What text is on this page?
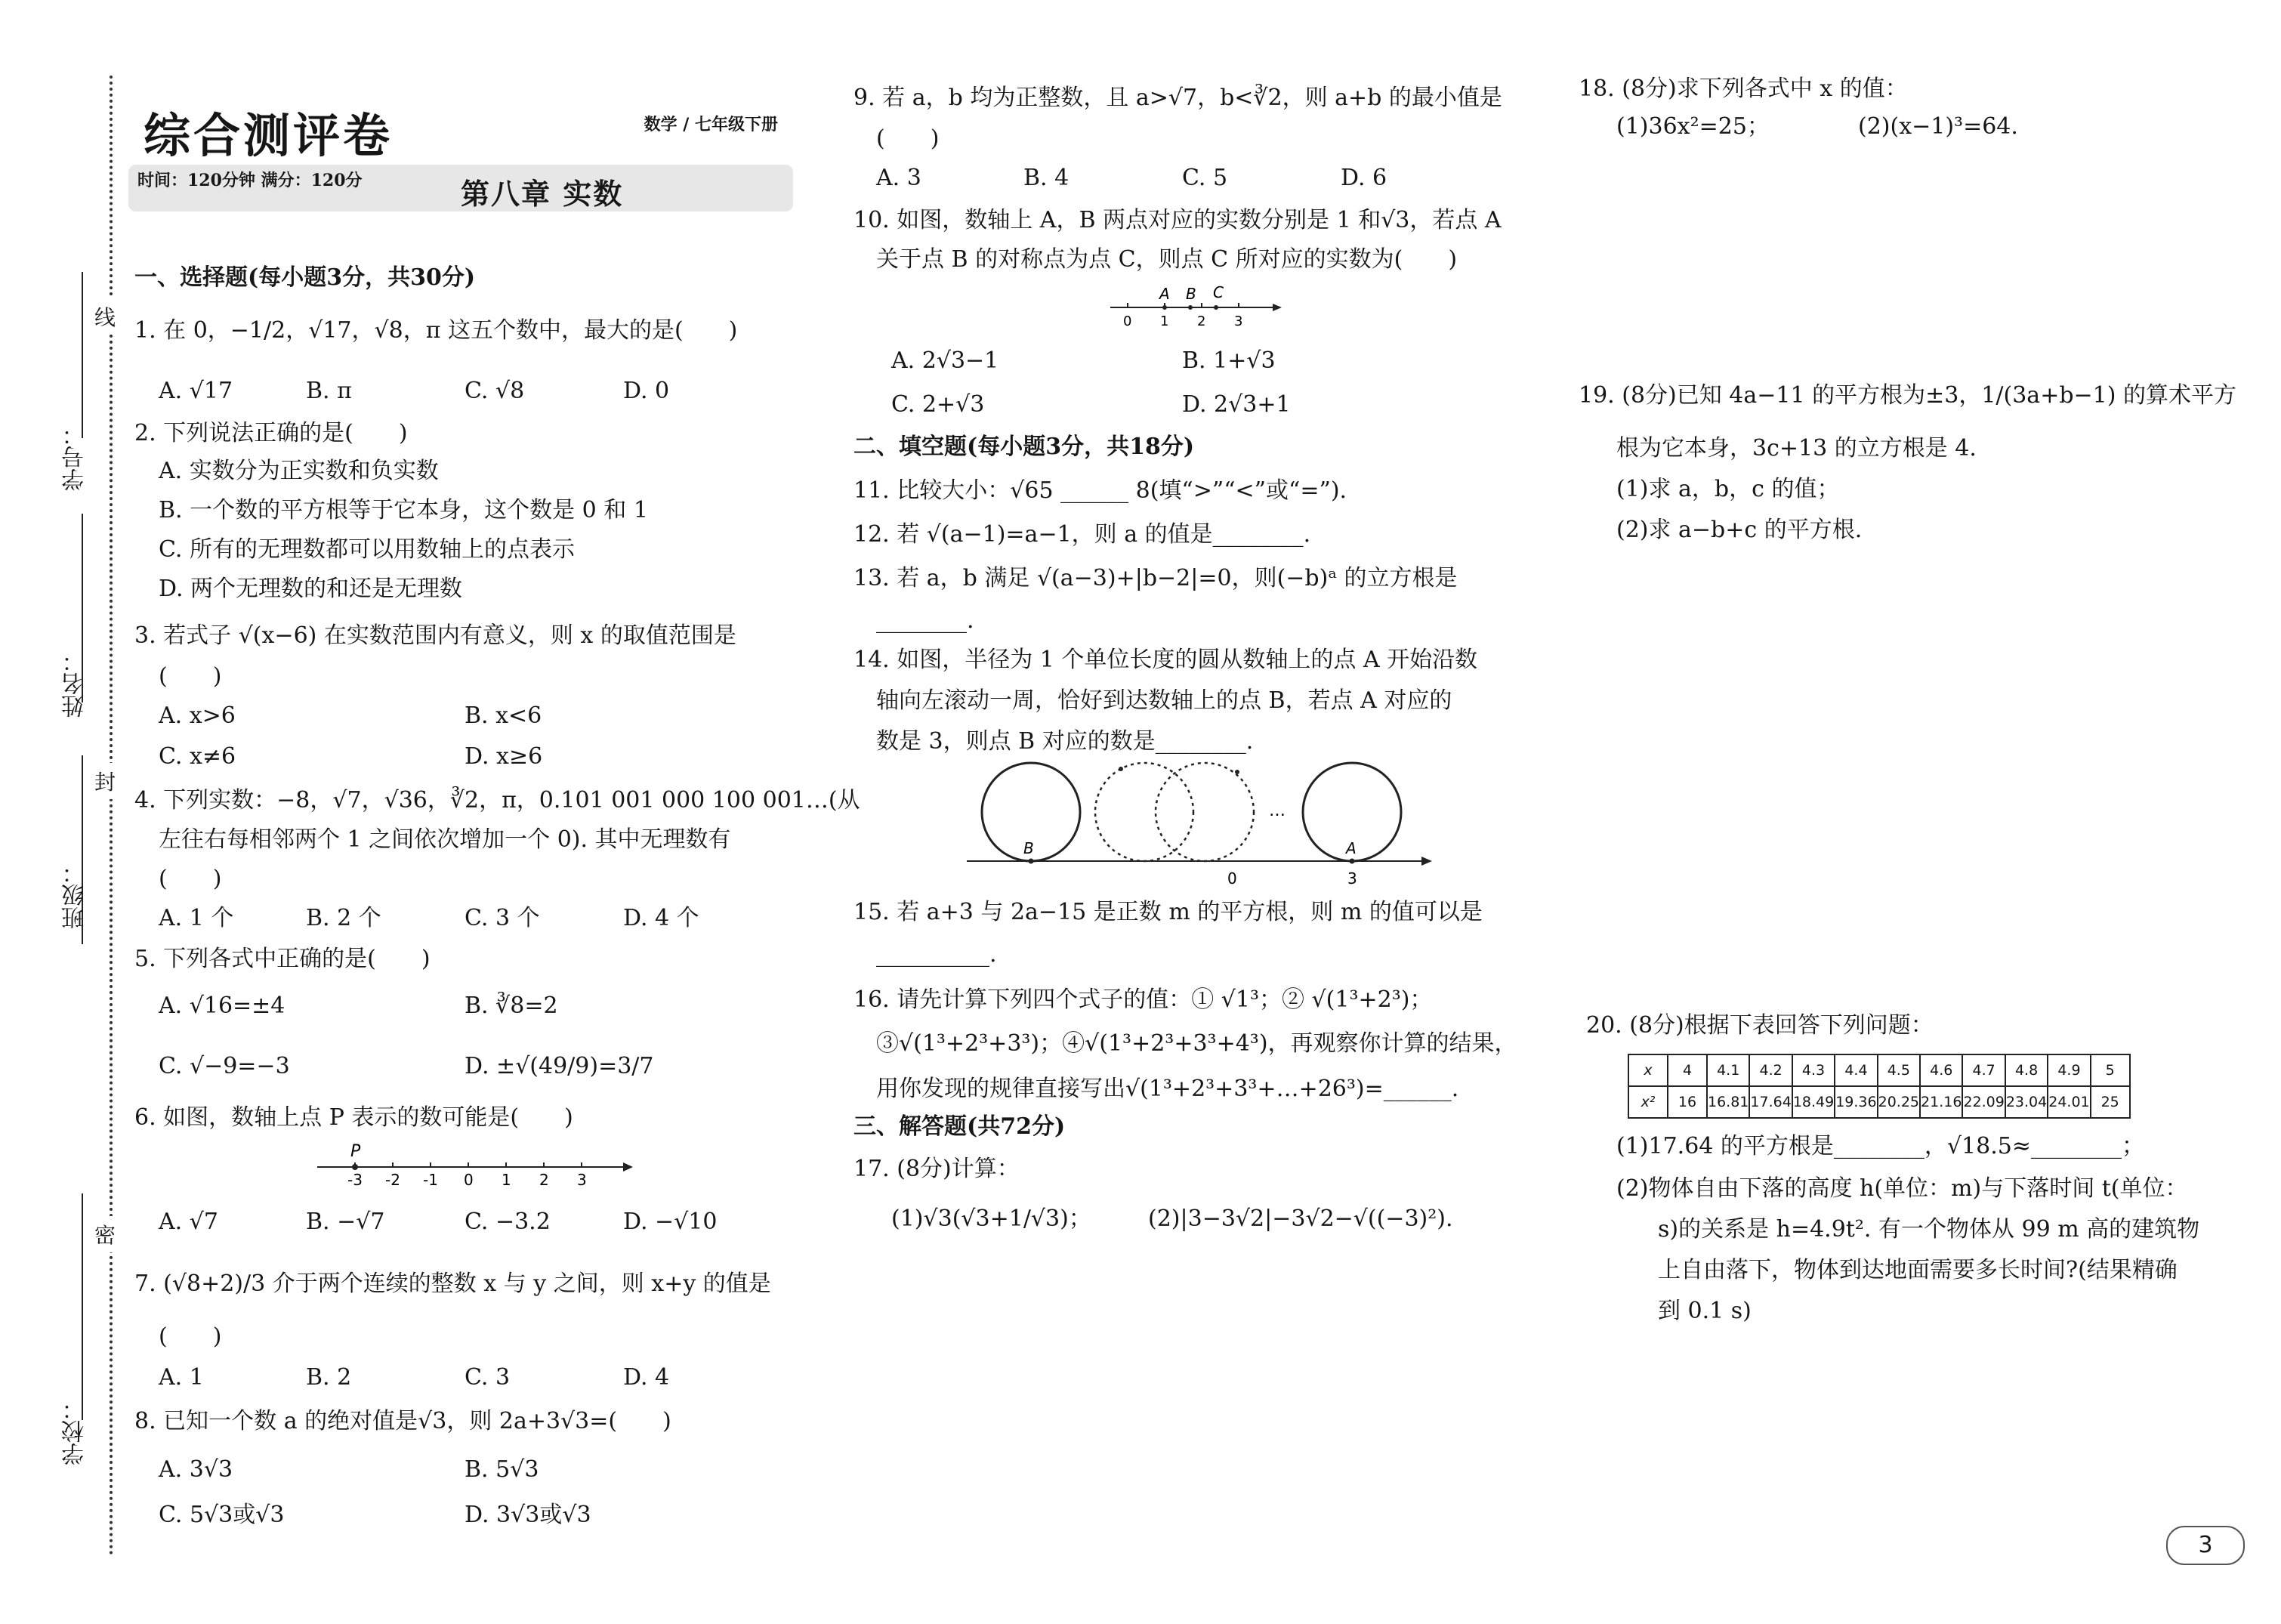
线
封
密
学号：
姓名：
班级：
学校：
综合测评卷	数学 / 七年级下册
时间：120分钟 满分：120分	第八章 实数
一、选择题(每小题3分，共30分)
1. 在 0，−1/2，√17，√8，π 这五个数中，最大的是(　　)
A. √17	B. π	C. √8	D. 0
2. 下列说法正确的是(　　)
A. 实数分为正实数和负实数
B. 一个数的平方根等于它本身，这个数是 0 和 1
C. 所有的无理数都可以用数轴上的点表示
D. 两个无理数的和还是无理数
3. 若式子 √(x−6) 在实数范围内有意义，则 x 的取值范围是
(　　)
A. x>6	B. x<6
C. x≠6	D. x≥6
4. 下列实数：−8，√7，√36，∛2，π，0.101 001 000 100 001…(从
左往右每相邻两个 1 之间依次增加一个 0). 其中无理数有
(　　)
A. 1 个	B. 2 个	C. 3 个	D. 4 个
5. 下列各式中正确的是(　　)
A. √16=±4	B. ∛8=2
C. √−9=−3	D. ±√(49/9)=3/7
6. 如图，数轴上点 P 表示的数可能是(　　)
-3 -2 -1 0 1 2 3
P
A. √7	B. −√7	C. −3.2	D. −√10
7. (√8+2)/3 介于两个连续的整数 x 与 y 之间，则 x+y 的值是
(　　)
A. 1	B. 2	C. 3	D. 4
8. 已知一个数 a 的绝对值是√3，则 2a+3√3=(　　)
A. 3√3	B. 5√3
C. 5√3或√3	D. 3√3或√3
9. 若 a，b 均为正整数，且 a>√7，b<∛2，则 a+b 的最小值是
(　　)
A. 3	B. 4	C. 5	D. 6
10. 如图，数轴上 A，B 两点对应的实数分别是 1 和√3，若点 A
关于点 B 的对称点为点 C，则点 C 所对应的实数为(　　)
0 1 2 3
A B C
A. 2√3−1	B. 1+√3
C. 2+√3	D. 2√3+1
二、填空题(每小题3分，共18分)
11. 比较大小：√65 ______ 8(填“>”“<”或“=”).
12. 若 √(a−1)=a−1，则 a 的值是________.
13. 若 a，b 满足 √(a−3)+|b−2|=0，则(−b)ᵃ 的立方根是
________.
14. 如图，半径为 1 个单位长度的圆从数轴上的点 A 开始沿数
轴向左滚动一周，恰好到达数轴上的点 B，若点 A 对应的
数是 3，则点 B 对应的数是________.
B	A
0	3
…
15. 若 a+3 与 2a−15 是正数 m 的平方根，则 m 的值可以是
__________.
16. 请先计算下列四个式子的值：① √1³；② √(1³+2³)；
③√(1³+2³+3³)；④√(1³+2³+3³+4³)，再观察你计算的结果，
用你发现的规律直接写出√(1³+2³+3³+…+26³)=______.
三、解答题(共72分)
17. (8分)计算：
(1)√3(√3+1/√3)；	(2)|3−3√2|−3√2−√((−3)²).
18. (8分)求下列各式中 x 的值：
(1)36x²=25；	(2)(x−1)³=64.
19. (8分)已知 4a−11 的平方根为±3，1/(3a+b−1) 的算术平方
根为它本身，3c+13 的立方根是 4.
(1)求 a，b，c 的值；
(2)求 a−b+c 的平方根.
20. (8分)根据下表回答下列问题：
x	4	4.1	4.2	4.3	4.4	4.5	4.6	4.7	4.8	4.9	5
x²	16	16.81	17.64	18.49	19.36	20.25	21.16	22.09	23.04	24.01	25
(1)17.64 的平方根是________，√18.5≈________；
(2)物体自由下落的高度 h(单位：m)与下落时间 t(单位：
s)的关系是 h=4.9t². 有一个物体从 99 m 高的建筑物
上自由落下，物体到达地面需要多长时间?(结果精确
到 0.1 s)
3
